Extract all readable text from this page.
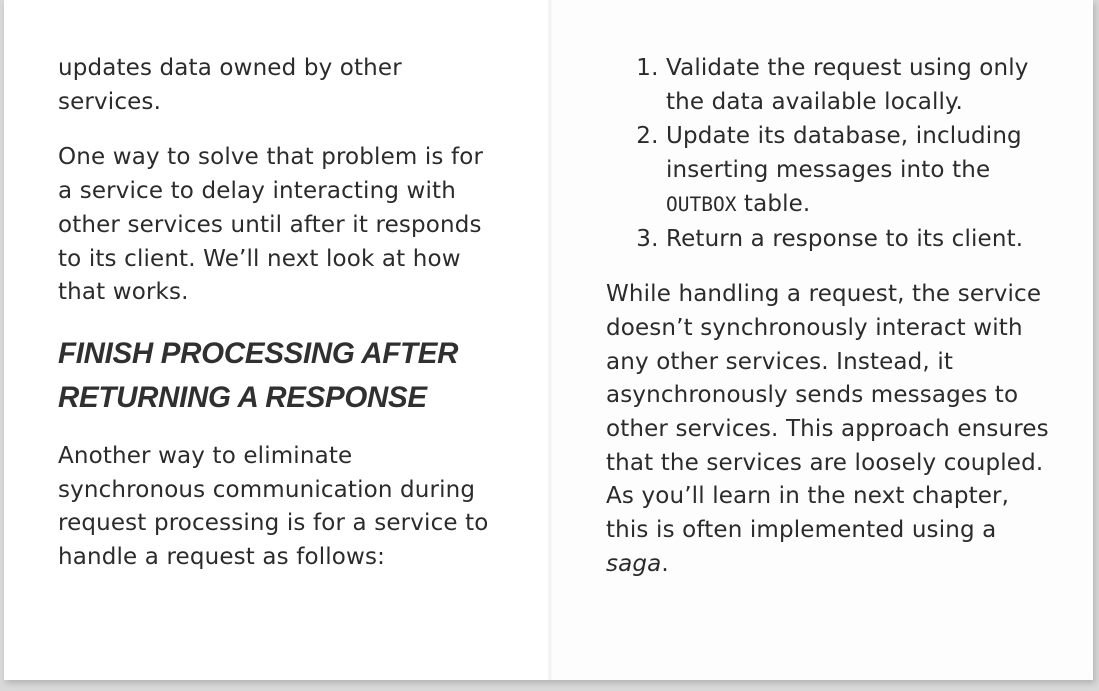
updates data owned by other services.

One way to solve that problem is for a service to delay interacting with other services until after it responds to its client. We’ll next look at how that works.

FINISH PROCESSING AFTER RETURNING A RESPONSE

Another way to eliminate synchronous communication during request processing is for a service to handle a request as follows:

1. Validate the request using only the data available locally.
2. Update its database, including inserting messages into the OUTBOX table.
3. Return a response to its client.

While handling a request, the service doesn’t synchronously interact with any other services. Instead, it asynchronously sends messages to other services. This approach ensures that the services are loosely coupled. As you’ll learn in the next chapter, this is often implemented using a saga.
